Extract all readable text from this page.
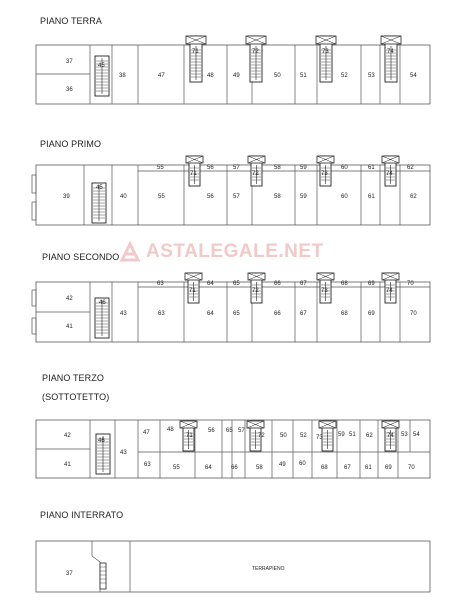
PIANO TERRA
PIANO PRIMO
PIANO SECONDO
PIANO TERZO
(SOTTOTETTO)
PIANO INTERRATO
ASTALEGALE.NET
37
36
45
38	47	48	49	50	51	52	53	54
71	72	73	74
39
45
40	55	56	57	58	59	60	61	62
55	56	57	58	59	60	61	62
71	72	73	74
42
41
46
43	63	64	65	66	67	68	69	70
63	64	65	66	67	68	69	70
71	72	73	74
42
41
46
43
47	48
71
56 65 57
72	50 52 73	59 51 62 74 53 54
63	55	64	66	58	49 60
68	67 61 69	70
37
TERRAPIENO
